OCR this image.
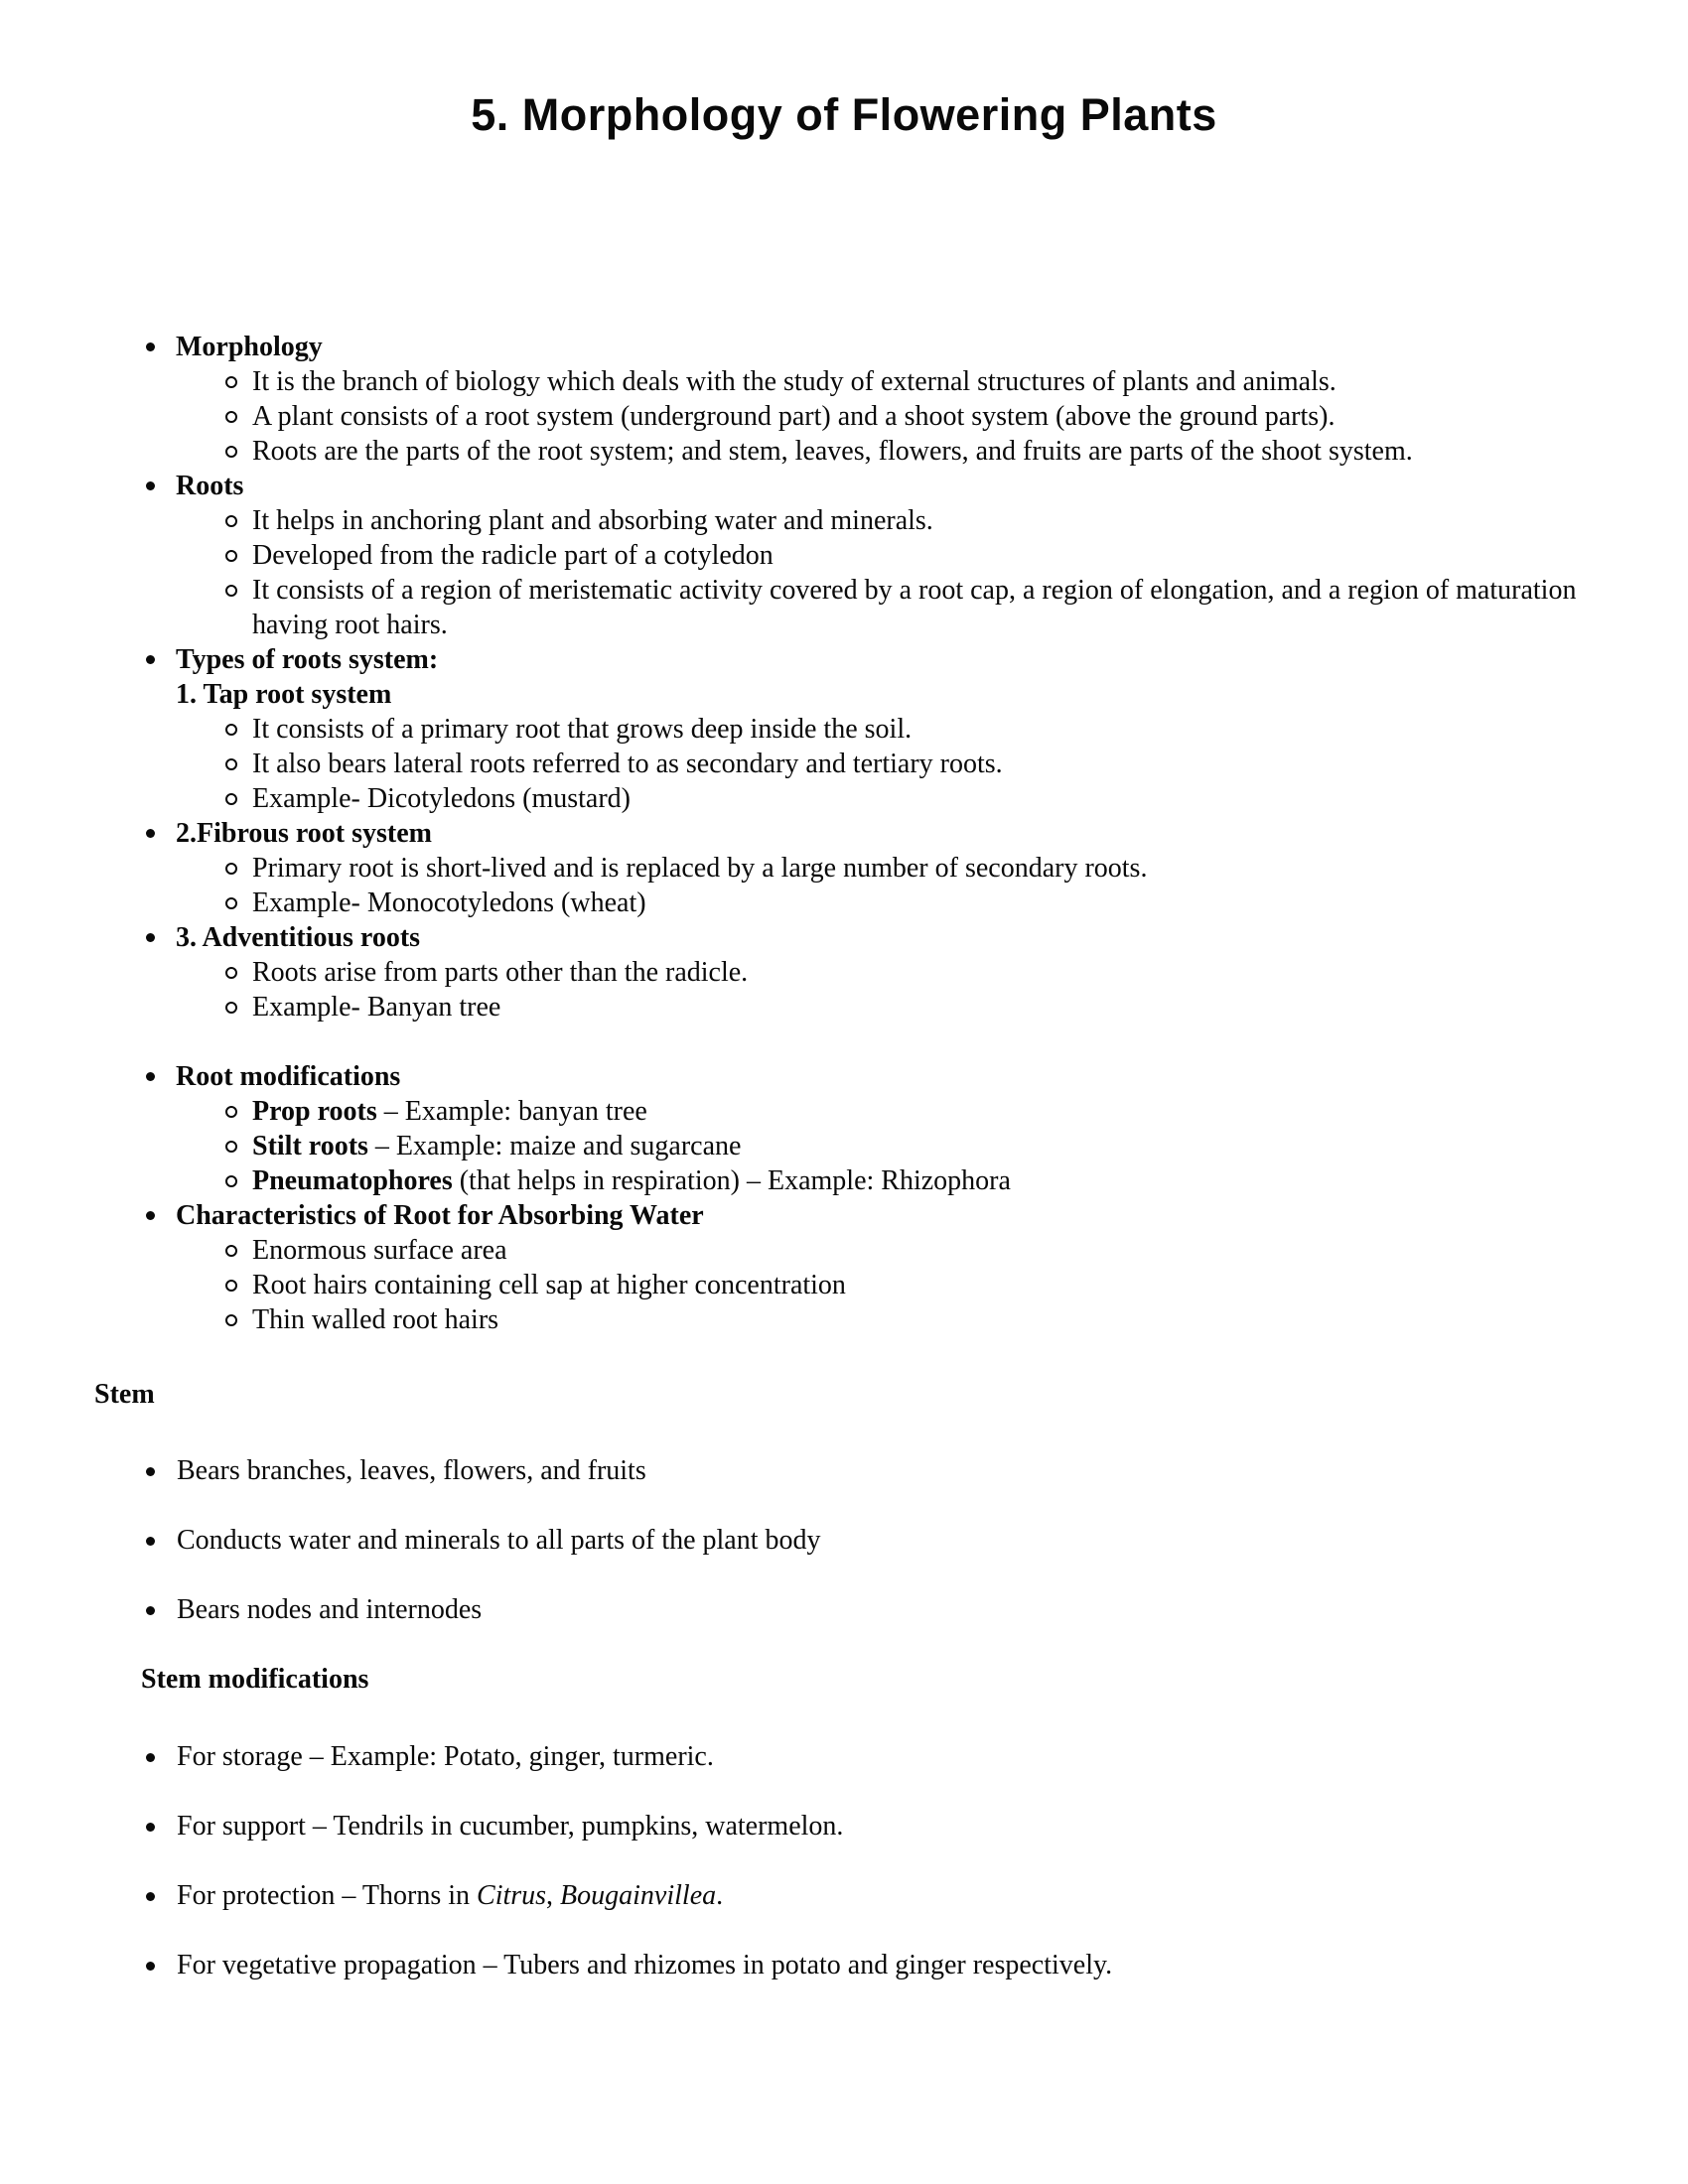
5. Morphology of Flowering Plants
Morphology
It is the branch of biology which deals with the study of external structures of plants and animals.
A plant consists of a root system (underground part) and a shoot system (above the ground parts).
Roots are the parts of the root system; and stem, leaves, flowers, and fruits are parts of the shoot system.
Roots
It helps in anchoring plant and absorbing water and minerals.
Developed from the radicle part of a cotyledon
It consists of a region of meristematic activity covered by a root cap, a region of elongation, and a region of maturation having root hairs.
Types of roots system:
1. Tap root system
It consists of a primary root that grows deep inside the soil.
It also bears lateral roots referred to as secondary and tertiary roots.
Example- Dicotyledons (mustard)
2.Fibrous root system
Primary root is short-lived and is replaced by a large number of secondary roots.
Example- Monocotyledons (wheat)
3. Adventitious roots
Roots arise from parts other than the radicle.
Example- Banyan tree
Root modifications
Prop roots – Example: banyan tree
Stilt roots – Example: maize and sugarcane
Pneumatophores (that helps in respiration) – Example: Rhizophora
Characteristics of Root for Absorbing Water
Enormous surface area
Root hairs containing cell sap at higher concentration
Thin walled root hairs
Stem
Bears branches, leaves, flowers, and fruits
Conducts water and minerals to all parts of the plant body
Bears nodes and internodes
Stem modifications
For storage – Example: Potato, ginger, turmeric.
For support – Tendrils in cucumber, pumpkins, watermelon.
For protection – Thorns in Citrus, Bougainvillea.
For vegetative propagation – Tubers and rhizomes in potato and ginger respectively.
